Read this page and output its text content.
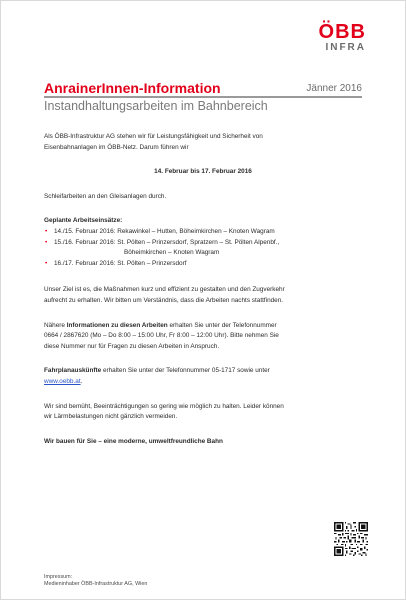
ÖBB
INFRA
AnrainerInnen-Information	Jänner 2016
Instandhaltungsarbeiten im Bahnbereich

Als ÖBB-Infrastruktur AG stehen wir für Leistungsfähigkeit und Sicherheit von

Eisenbahnanlagen im ÖBB-Netz. Darum führen wir

14. Februar bis 17. Februar 2016

Schleifarbeiten an den Gleisanlagen durch.

Geplante Arbeitseinsätze:

• 14./15. Februar 2016: Rekawinkel – Hutten, Böheimkirchen – Knoten Wagram
• 15./16. Februar 2016: St. Pölten – Prinzersdorf, Spratzern – St. Pölten Alpenbf.,
Böheimkirchen – Knoten Wagram
• 16./17. Februar 2016: St. Pölten – Prinzersdorf

Unser Ziel ist es, die Maßnahmen kurz und effizient zu gestalten und den Zugverkehr

aufrecht zu erhalten. Wir bitten um Verständnis, dass die Arbeiten nachts stattfinden.

Nähere Informationen zu diesen Arbeiten erhalten Sie unter der Telefonnummer

0664 / 2867620 (Mo – Do 8:00 – 15:00 Uhr, Fr 8:00 – 12:00 Uhr). Bitte nehmen Sie

diese Nummer nur für Fragen zu diesen Arbeiten in Anspruch.

Fahrplanauskünfte erhalten Sie unter der Telefonnummer 05-1717 sowie unter

www.oebb.at.

Wir sind bemüht, Beeinträchtigungen so gering wie möglich zu halten. Leider können

wir Lärmbelastungen nicht gänzlich vermeiden.

Wir bauen für Sie – eine moderne, umweltfreundliche Bahn

Impressum:
Medieninhaber ÖBB-Infrastruktur AG, Wien
